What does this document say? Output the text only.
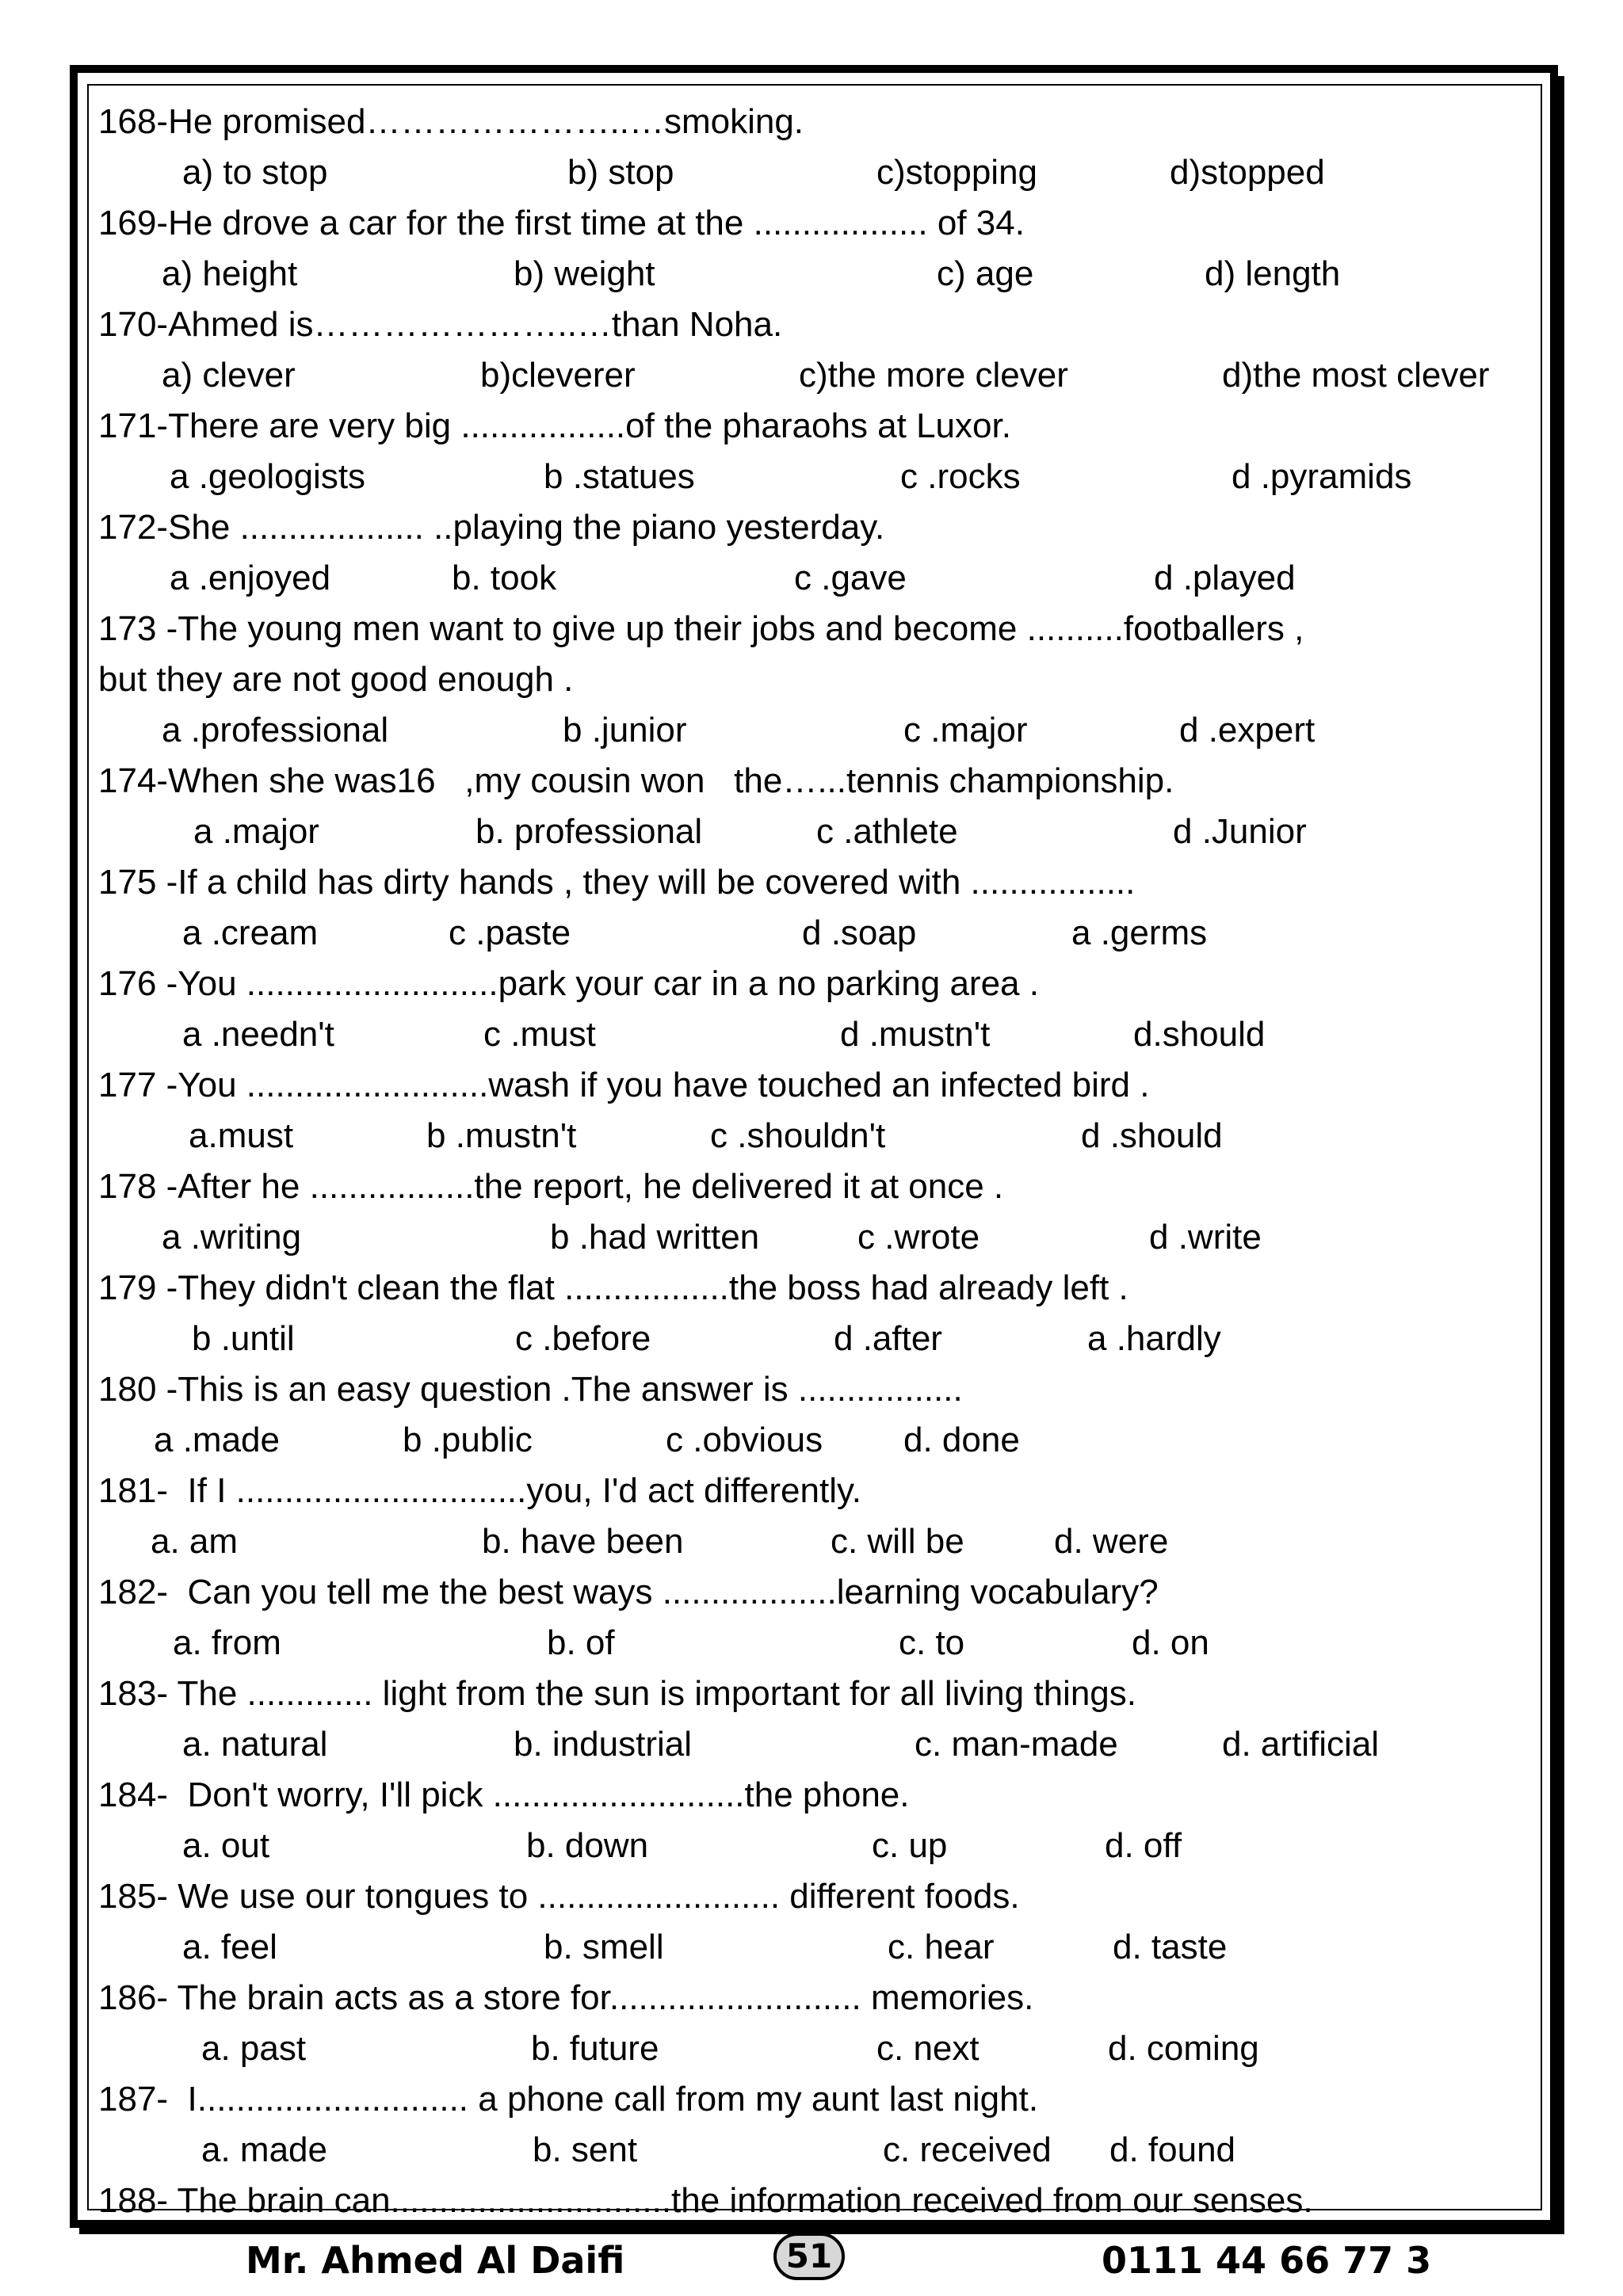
168-He promised…………………..…smoking.
a) to stop	b) stop	c)stopping	d)stopped
169-He drove a car for the first time at the .................. of 34.
a) height	b) weight	c) age	d) length
170-Ahmed is…………………..…than Noha.
a) clever	b)cleverer	c)the more clever	d)the most clever
171-There are very big .................of the pharaohs at Luxor.
a .geologists	b .statues	c .rocks	d .pyramids
172-She ................... ..playing the piano yesterday.
a .enjoyed	b. took	c .gave	d .played
173 -The young men want to give up their jobs and become ..........footballers ,
but they are not good enough .
a .professional	b .junior	c .major	d .expert
174-When she was16   ,my cousin won   the…...tennis championship.
a .major	b. professional	c .athlete	d .Junior
175 -If a child has dirty hands , they will be covered with .................
a .cream	c .paste	d .soap	a .germs
176 -You ..........................park your car in a no parking area .
a .needn't	c .must	d .mustn't	d.should
177 -You .........................wash if you have touched an infected bird .
a.must	b .mustn't	c .shouldn't	d .should
178 -After he .................the report, he delivered it at once .
a .writing	b .had written	c .wrote	d .write
179 -They didn't clean the flat .................the boss had already left .
b .until	c .before	d .after	a .hardly
180 -This is an easy question .The answer is .................
a .made	b .public	c .obvious d. done
181-  If I ..............................you, I'd act differently.
a. am	b. have been	c. will be	d. were
182-  Can you tell me the best ways ..................learning vocabulary?
a. from	b. of	c. to	d. on
183- The ............. light from the sun is important for all living things.
a. natural	b. industrial	c. man-made	d. artificial
184-  Don't worry, I'll pick ..........................the phone.
a. out	b. down	c. up	d. off
185- We use our tongues to ......................... different foods.
a. feel	b. smell	c. hear	d. taste
186- The brain acts as a store for.......................... memories.
a. past	b. future	c. next	d. coming
187-  I............................ a phone call from my aunt last night.
a. made	b. sent	c. received d. found
188- The brain can.............................the information received from our senses.
Mr. Ahmed Al Daifi	0111 44 66 77 3
51
